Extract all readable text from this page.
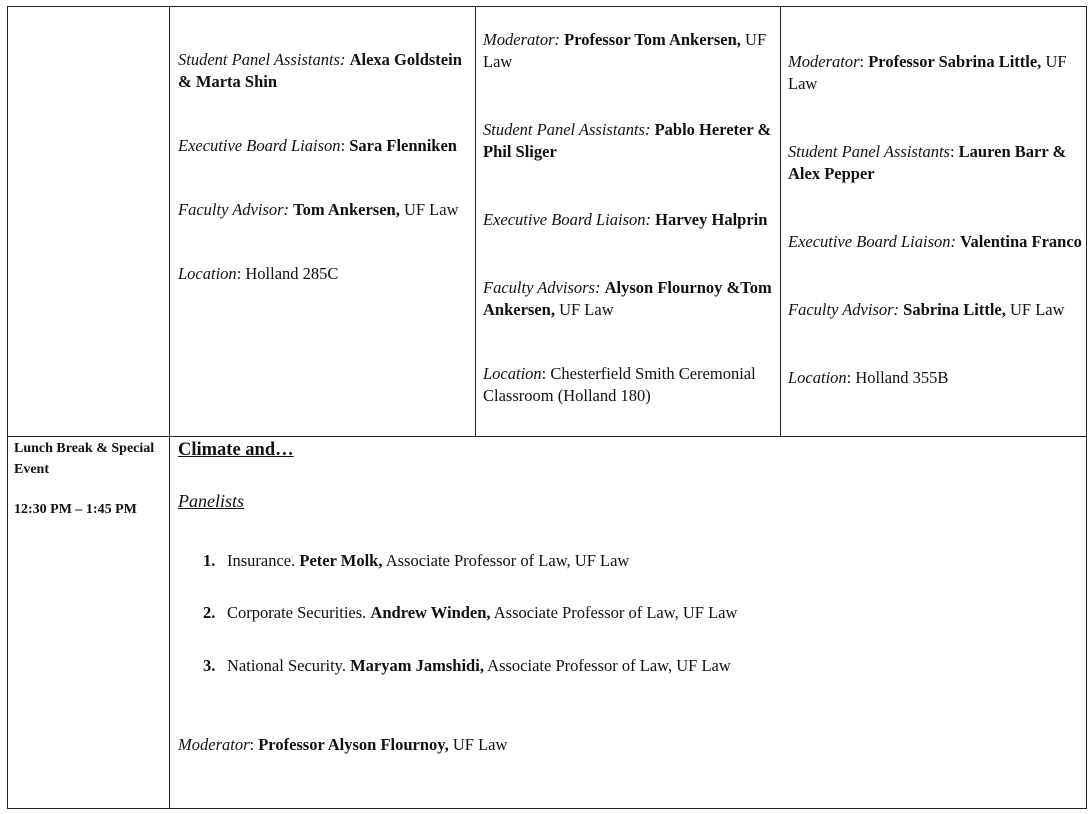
Student Panel Assistants: Alexa Goldstein & Marta Shin

Executive Board Liaison: Sara Flenniken

Faculty Advisor: Tom Ankersen, UF Law

Location: Holland 285C

Moderator: Professor Tom Ankersen, UF Law

Student Panel Assistants: Pablo Hereter & Phil Sliger

Executive Board Liaison: Harvey Halprin

Faculty Advisors: Alyson Flournoy &Tom Ankersen, UF Law

Location: Chesterfield Smith Ceremonial Classroom (Holland 180)

Moderator: Professor Sabrina Little, UF Law

Student Panel Assistants: Lauren Barr & Alex Pepper

Executive Board Liaison: Valentina Franco

Faculty Advisor: Sabrina Little, UF Law

Location: Holland 355B

Lunch Break & Special Event

12:30 PM – 1:45 PM

Climate and…

Panelists

1. Insurance. Peter Molk, Associate Professor of Law, UF Law
2. Corporate Securities. Andrew Winden, Associate Professor of Law, UF Law
3. National Security. Maryam Jamshidi, Associate Professor of Law, UF Law
Moderator: Professor Alyson Flournoy, UF Law
